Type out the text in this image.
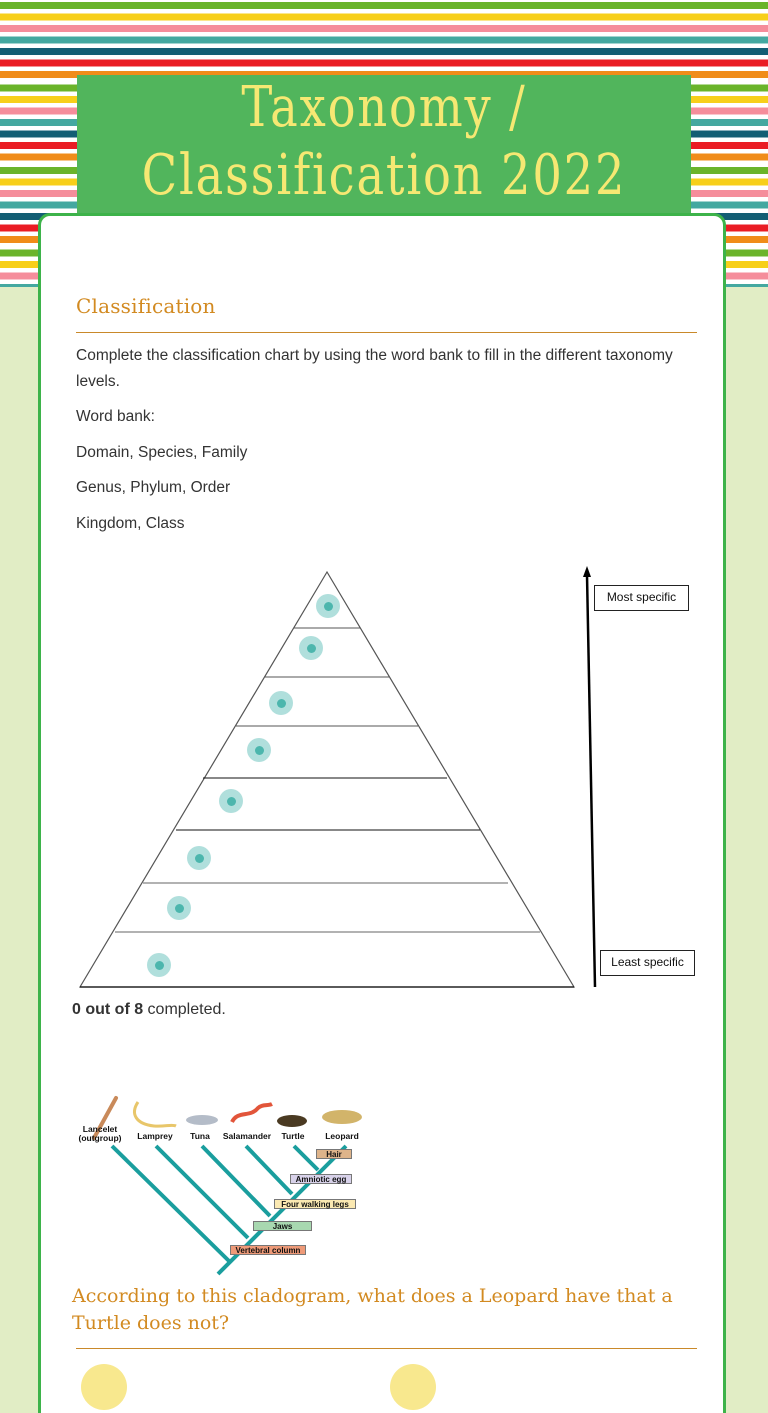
Taxonomy /
Classification 2022
Classification

Complete the classification chart by using the word bank to fill in the different taxonomy levels.

Word bank:

Domain, Species, Family

Genus, Phylum, Order

Kingdom, Class

Most specific
Least specific

0 out of 8 completed.

Lancelet
(outgroup)	Lamprey	Tuna	Salamander	Turtle	Leopard
Hair
Amniotic egg
Four walking legs
Jaws
Vertebral column
According to this cladogram, what does a Leopard have that a Turtle does not?
